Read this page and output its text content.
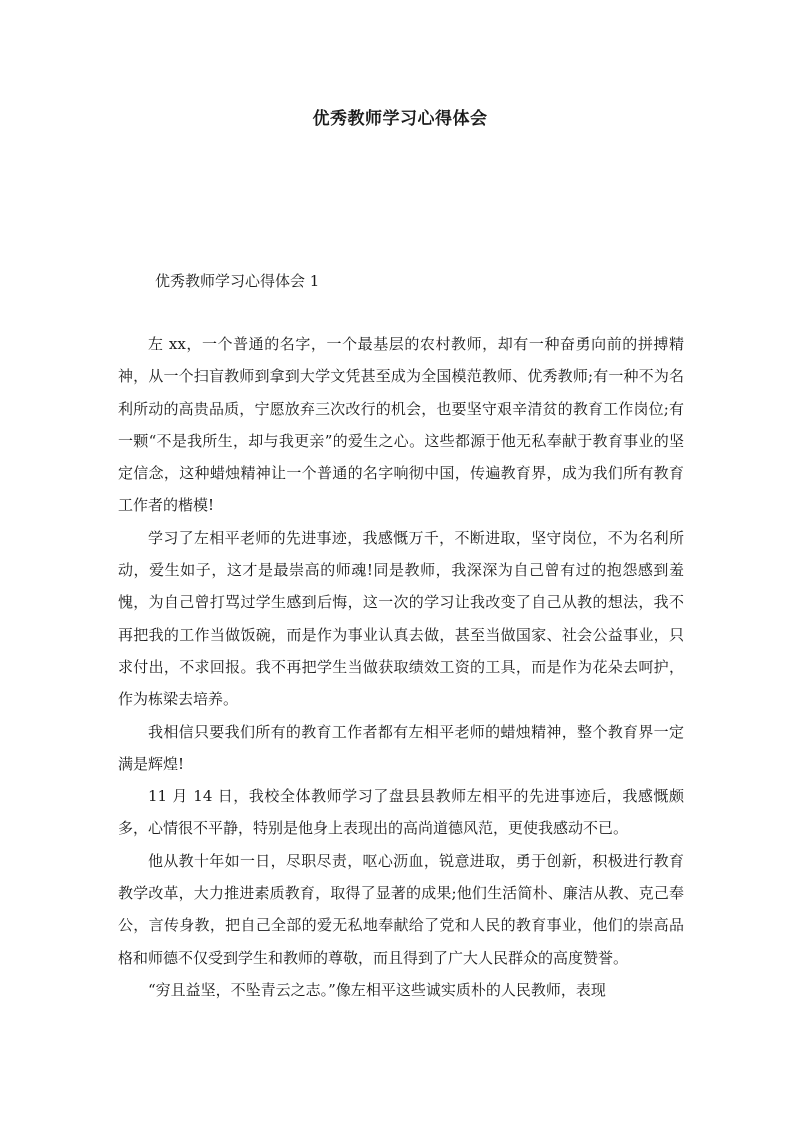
优秀教师学习心得体会
优秀教师学习心得体会 1

左 xx，一个普通的名字，一个最基层的农村教师，却有一种奋勇向前的拼搏精神，从一个扫盲教师到拿到大学文凭甚至成为全国模范教师、优秀教师;有一种不为名利所动的高贵品质，宁愿放弃三次改行的机会，也要坚守艰辛清贫的教育工作岗位;有一颗“不是我所生，却与我更亲”的爱生之心。这些都源于他无私奉献于教育事业的坚定信念，这种蜡烛精神让一个普通的名字响彻中国，传遍教育界，成为我们所有教育工作者的楷模!

学习了左相平老师的先进事迹，我感慨万千，不断进取，坚守岗位，不为名利所动，爱生如子，这才是最崇高的师魂!同是教师，我深深为自己曾有过的抱怨感到羞愧，为自己曾打骂过学生感到后悔，这一次的学习让我改变了自己从教的想法，我不再把我的工作当做饭碗，而是作为事业认真去做，甚至当做国家、社会公益事业，只求付出，不求回报。我不再把学生当做获取绩效工资的工具，而是作为花朵去呵护，作为栋梁去培养。

我相信只要我们所有的教育工作者都有左相平老师的蜡烛精神，整个教育界一定满是辉煌!

11 月 14 日，我校全体教师学习了盘县县教师左相平的先进事迹后，我感慨颇多，心情很不平静，特别是他身上表现出的高尚道德风范，更使我感动不已。

他从教十年如一日，尽职尽责，呕心沥血，锐意进取，勇于创新，积极进行教育教学改革，大力推进素质教育，取得了显著的成果;他们生活简朴、廉洁从教、克己奉公，言传身教，把自己全部的爱无私地奉献给了党和人民的教育事业，他们的崇高品格和师德不仅受到学生和教师的尊敬，而且得到了广大人民群众的高度赞誉。

“穷且益坚，不坠青云之志。”像左相平这些诚实质朴的人民教师，表现
